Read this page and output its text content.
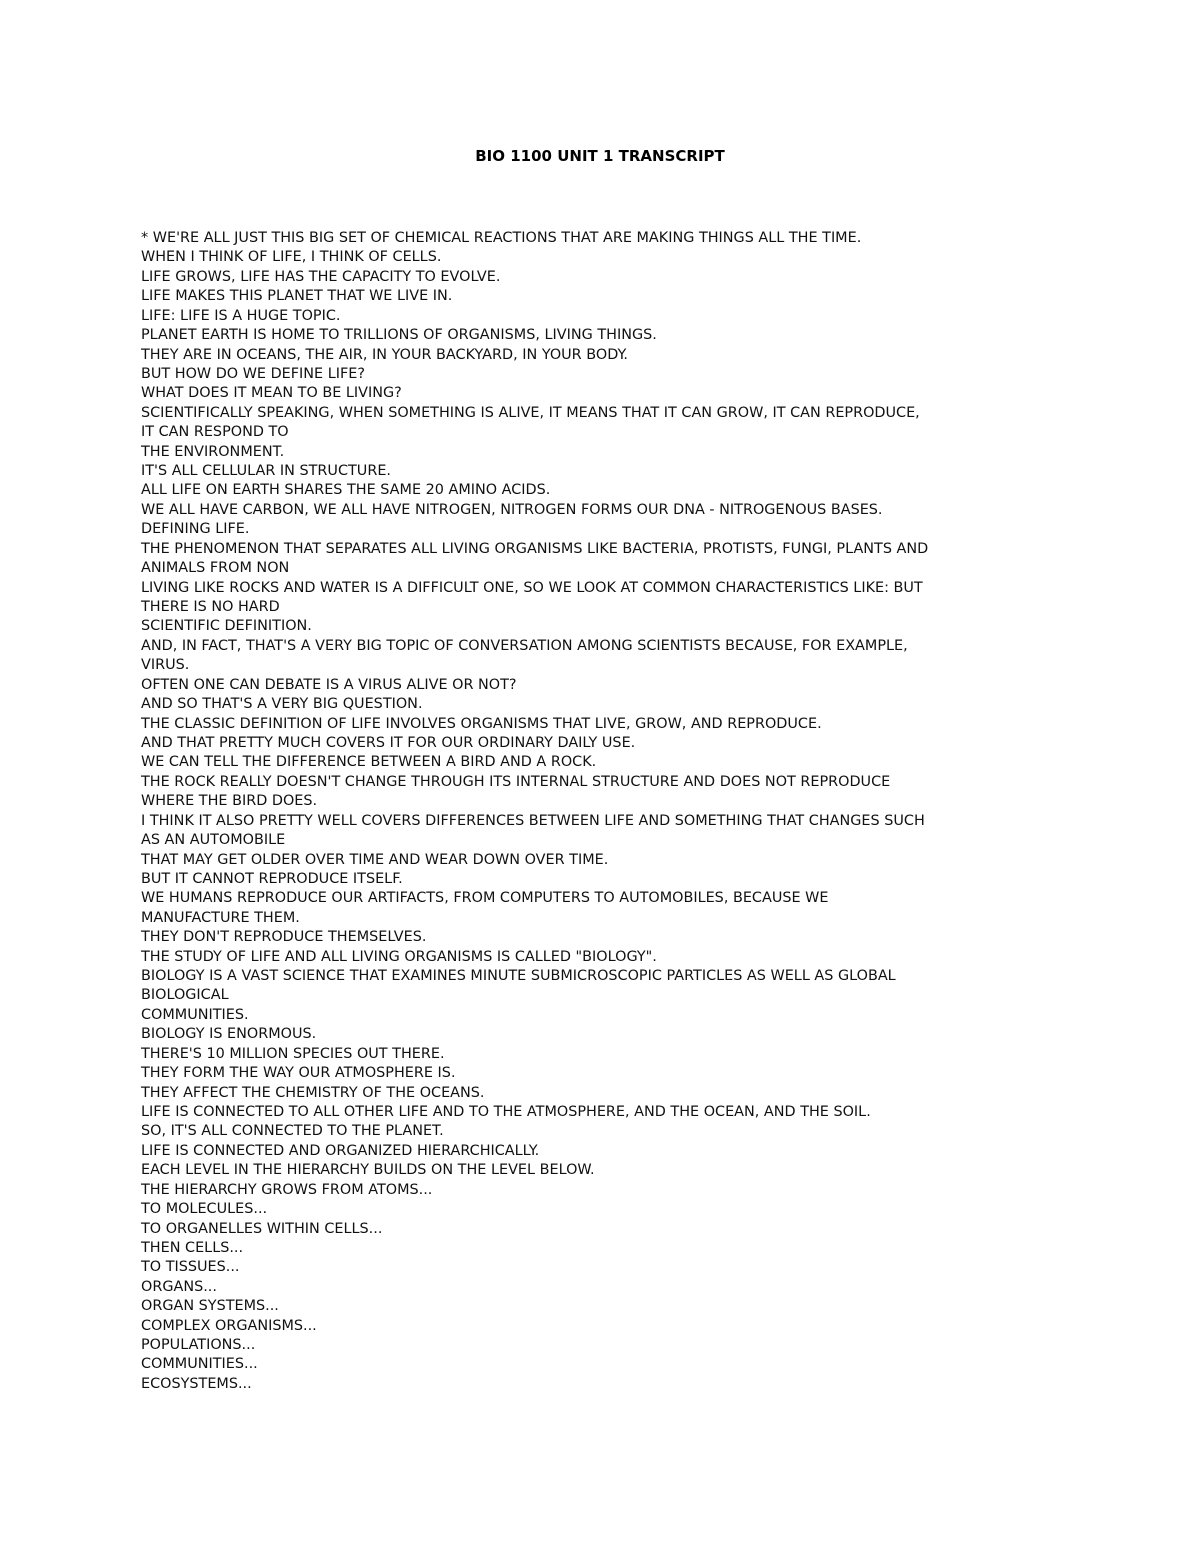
BIO 1100 UNIT 1 TRANSCRIPT
* WE'RE ALL JUST THIS BIG SET OF CHEMICAL REACTIONS THAT ARE MAKING THINGS ALL THE TIME.
WHEN I THINK OF LIFE, I THINK OF CELLS.
LIFE GROWS, LIFE HAS THE CAPACITY TO EVOLVE.
LIFE MAKES THIS PLANET THAT WE LIVE IN.
LIFE: LIFE IS A HUGE TOPIC.
PLANET EARTH IS HOME TO TRILLIONS OF ORGANISMS, LIVING THINGS.
THEY ARE IN OCEANS, THE AIR, IN YOUR BACKYARD, IN YOUR BODY.
BUT HOW DO WE DEFINE LIFE?
WHAT DOES IT MEAN TO BE LIVING?
SCIENTIFICALLY SPEAKING, WHEN SOMETHING IS ALIVE, IT MEANS THAT IT CAN GROW, IT CAN REPRODUCE,
IT CAN RESPOND TO
THE ENVIRONMENT.
IT'S ALL CELLULAR IN STRUCTURE.
ALL LIFE ON EARTH SHARES THE SAME 20 AMINO ACIDS.
WE ALL HAVE CARBON, WE ALL HAVE NITROGEN, NITROGEN FORMS OUR DNA - NITROGENOUS BASES.
DEFINING LIFE.
THE PHENOMENON THAT SEPARATES ALL LIVING ORGANISMS LIKE BACTERIA, PROTISTS, FUNGI, PLANTS AND
ANIMALS FROM NON
LIVING LIKE ROCKS AND WATER IS A DIFFICULT ONE, SO WE LOOK AT COMMON CHARACTERISTICS LIKE: BUT
THERE IS NO HARD
SCIENTIFIC DEFINITION.
AND, IN FACT, THAT'S A VERY BIG TOPIC OF CONVERSATION AMONG SCIENTISTS BECAUSE, FOR EXAMPLE,
VIRUS.
OFTEN ONE CAN DEBATE IS A VIRUS ALIVE OR NOT?
AND SO THAT'S A VERY BIG QUESTION.
THE CLASSIC DEFINITION OF LIFE INVOLVES ORGANISMS THAT LIVE, GROW, AND REPRODUCE.
AND THAT PRETTY MUCH COVERS IT FOR OUR ORDINARY DAILY USE.
WE CAN TELL THE DIFFERENCE BETWEEN A BIRD AND A ROCK.
THE ROCK REALLY DOESN'T CHANGE THROUGH ITS INTERNAL STRUCTURE AND DOES NOT REPRODUCE
WHERE THE BIRD DOES.
I THINK IT ALSO PRETTY WELL COVERS DIFFERENCES BETWEEN LIFE AND SOMETHING THAT CHANGES SUCH
AS AN AUTOMOBILE
THAT MAY GET OLDER OVER TIME AND WEAR DOWN OVER TIME.
BUT IT CANNOT REPRODUCE ITSELF.
WE HUMANS REPRODUCE OUR ARTIFACTS, FROM COMPUTERS TO AUTOMOBILES, BECAUSE WE
MANUFACTURE THEM.
THEY DON'T REPRODUCE THEMSELVES.
THE STUDY OF LIFE AND ALL LIVING ORGANISMS IS CALLED "BIOLOGY".
BIOLOGY IS A VAST SCIENCE THAT EXAMINES MINUTE SUBMICROSCOPIC PARTICLES AS WELL AS GLOBAL
BIOLOGICAL
COMMUNITIES.
BIOLOGY IS ENORMOUS.
THERE'S 10 MILLION SPECIES OUT THERE.
THEY FORM THE WAY OUR ATMOSPHERE IS.
THEY AFFECT THE CHEMISTRY OF THE OCEANS.
LIFE IS CONNECTED TO ALL OTHER LIFE AND TO THE ATMOSPHERE, AND THE OCEAN, AND THE SOIL.
SO, IT'S ALL CONNECTED TO THE PLANET.
LIFE IS CONNECTED AND ORGANIZED HIERARCHICALLY.
EACH LEVEL IN THE HIERARCHY BUILDS ON THE LEVEL BELOW.
THE HIERARCHY GROWS FROM ATOMS...
TO MOLECULES...
TO ORGANELLES WITHIN CELLS...
THEN CELLS...
TO TISSUES...
ORGANS...
ORGAN SYSTEMS...
COMPLEX ORGANISMS...
POPULATIONS...
COMMUNITIES...
ECOSYSTEMS...
